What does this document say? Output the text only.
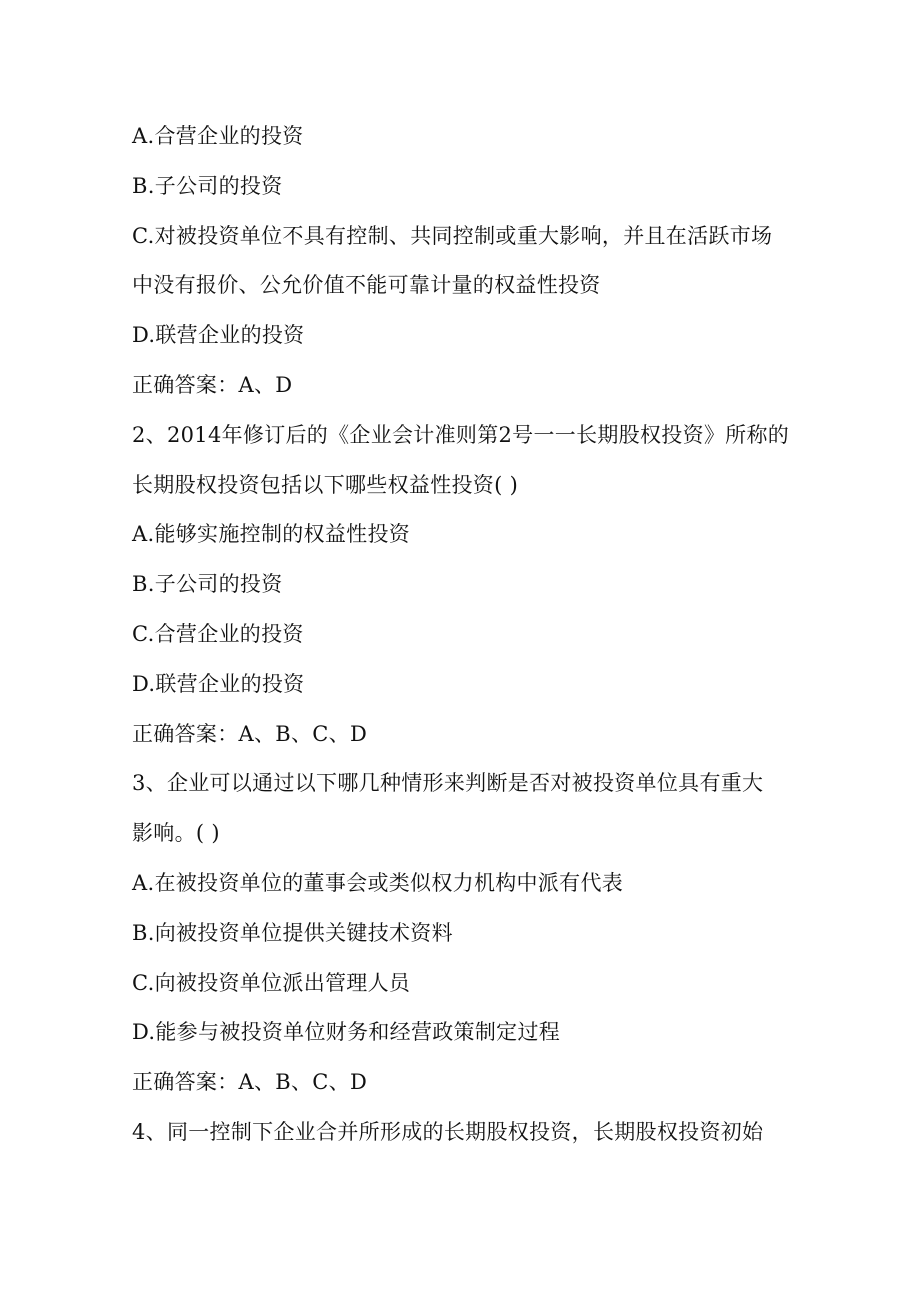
A.合营企业的投资
B.子公司的投资
C.对被投资单位不具有控制、共同控制或重大影响，并且在活跃市场
中没有报价、公允价值不能可靠计量的权益性投资
D.联营企业的投资
正确答案：A、D
2、2014年修订后的《企业会计准则第2号一一长期股权投资》所称的
长期股权投资包括以下哪些权益性投资( )
A.能够实施控制的权益性投资
B.子公司的投资
C.合营企业的投资
D.联营企业的投资
正确答案：A、B、C、D
3、企业可以通过以下哪几种情形来判断是否对被投资单位具有重大
影响。( )
A.在被投资单位的董事会或类似权力机构中派有代表
B.向被投资单位提供关键技术资料
C.向被投资单位派出管理人员
D.能参与被投资单位财务和经营政策制定过程
正确答案：A、B、C、D
4、同一控制下企业合并所形成的长期股权投资，长期股权投资初始
